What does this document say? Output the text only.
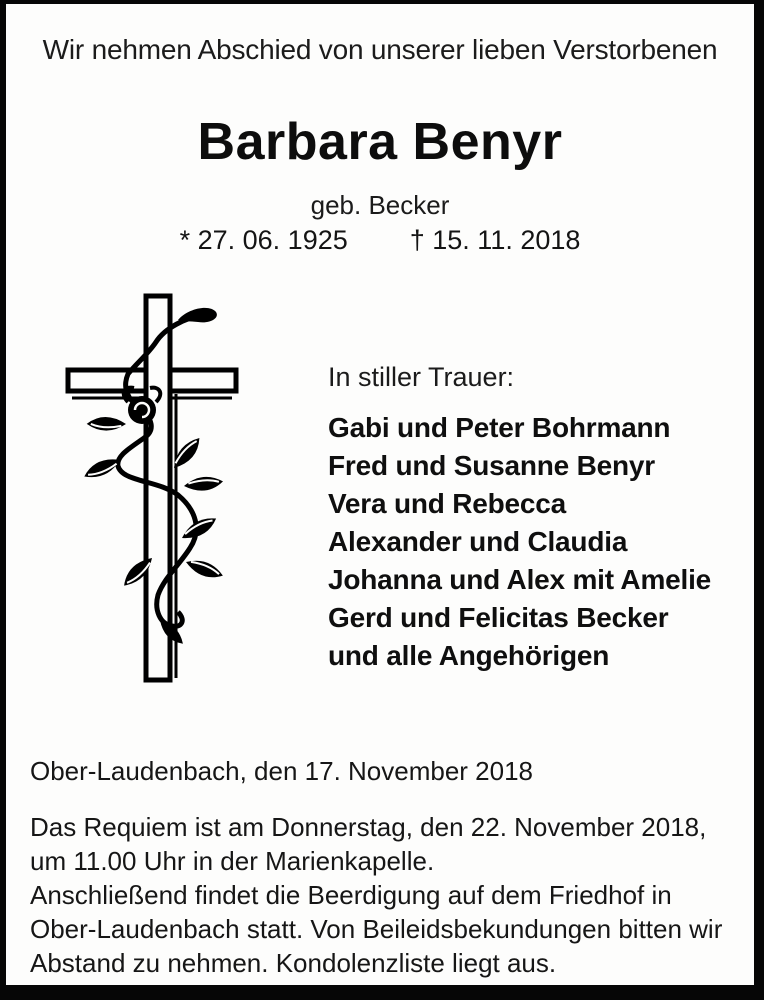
Wir nehmen Abschied von unserer lieben Verstorbenen
Barbara Benyr
geb. Becker
* 27. 06. 1925 † 15. 11. 2018
In stiller Trauer:
Gabi und Peter Bohrmann
Fred und Susanne Benyr
Vera und Rebecca
Alexander und Claudia
Johanna und Alex mit Amelie
Gerd und Felicitas Becker
und alle Angehörigen
Ober-Laudenbach, den 17. November 2018
Das Requiem ist am Donnerstag, den 22. November 2018,
um 11.00 Uhr in der Marienkapelle.
Anschließend findet die Beerdigung auf dem Friedhof in
Ober-Laudenbach statt. Von Beileidsbekundungen bitten wir
Abstand zu nehmen. Kondolenzliste liegt aus.
